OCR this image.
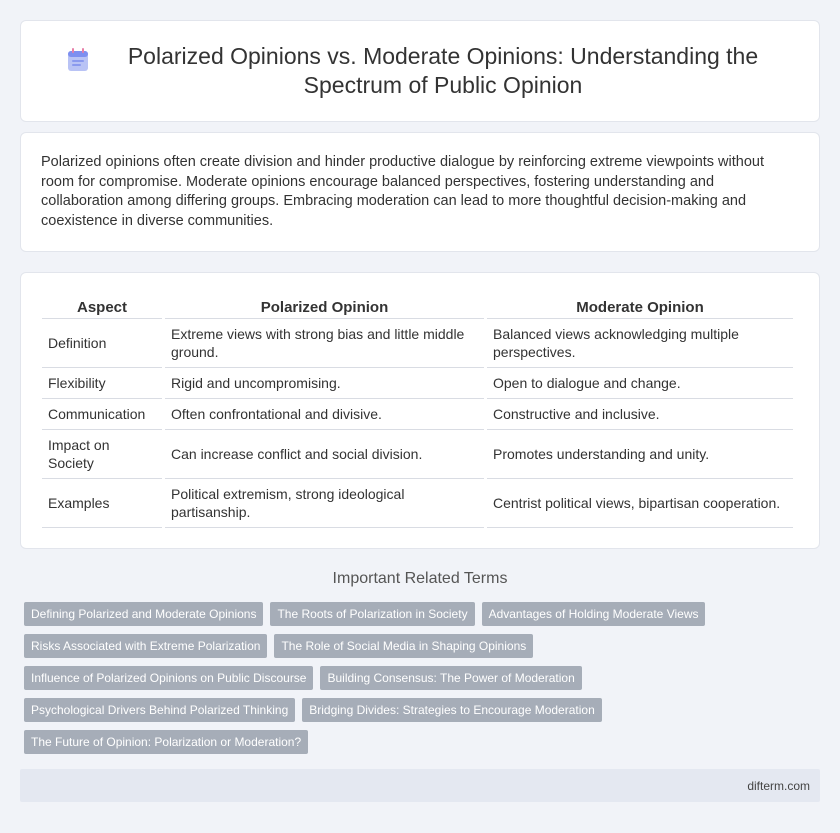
Polarized Opinions vs. Moderate Opinions: Understanding the Spectrum of Public Opinion

Polarized opinions often create division and hinder productive dialogue by reinforcing extreme viewpoints without room for compromise. Moderate opinions encourage balanced perspectives, fostering understanding and collaboration among differing groups. Embracing moderation can lead to more thoughtful decision-making and coexistence in diverse communities.

Aspect	Polarized Opinion	Moderate Opinion
Definition	Extreme views with strong bias and little middle ground.	Balanced views acknowledging multiple perspectives.
Flexibility	Rigid and uncompromising.	Open to dialogue and change.
Communication	Often confrontational and divisive.	Constructive and inclusive.
Impact on Society	Can increase conflict and social division.	Promotes understanding and unity.
Examples	Political extremism, strong ideological partisanship.	Centrist political views, bipartisan cooperation.
Important Related Terms
Defining Polarized and Moderate Opinions	The Roots of Polarization in Society	Advantages of Holding Moderate Views
Risks Associated with Extreme Polarization	The Role of Social Media in Shaping Opinions
Influence of Polarized Opinions on Public Discourse	Building Consensus: The Power of Moderation
Psychological Drivers Behind Polarized Thinking	Bridging Divides: Strategies to Encourage Moderation
The Future of Opinion: Polarization or Moderation?
difterm.com
